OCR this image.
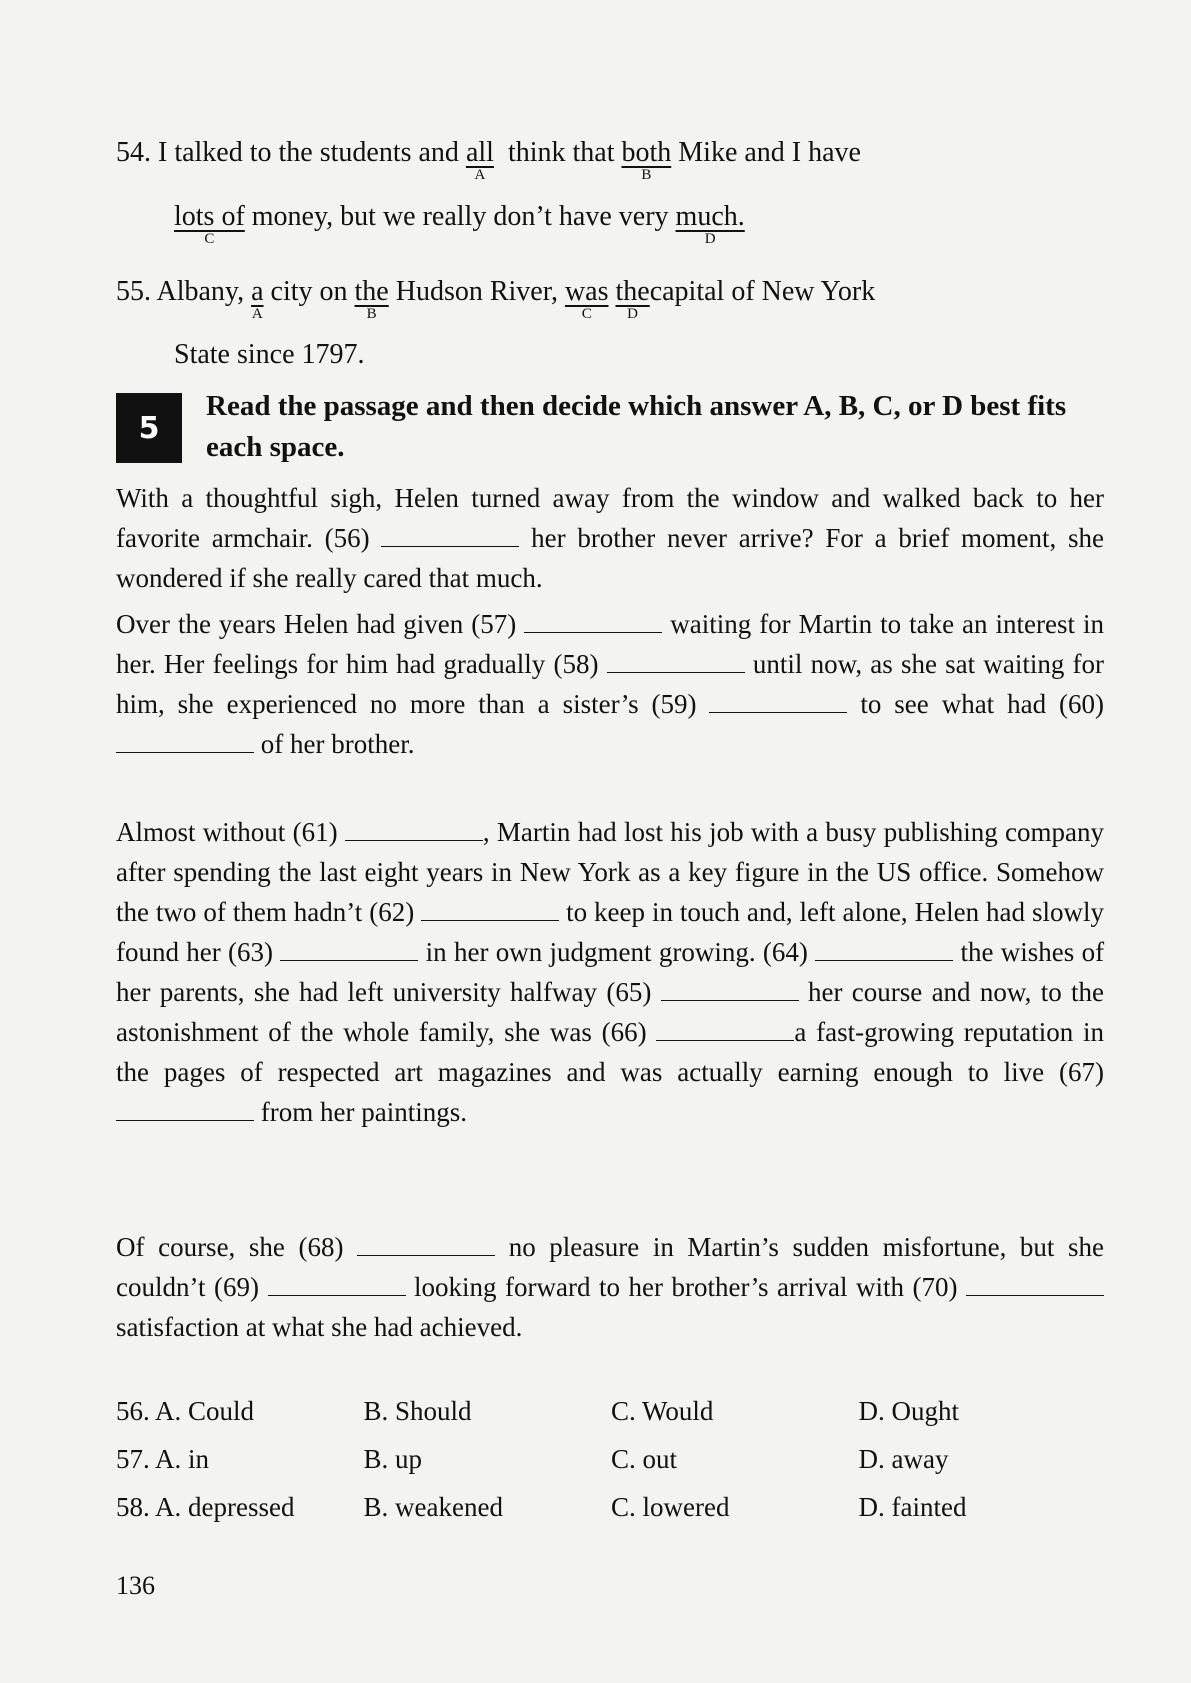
54. I talked to the students and all
A
think that both
B
Mike and I have
lots of
C
money, but we really don’t have very much.
D
55. Albany, a
A
city on the
B
Hudson River, was
C
the
D
capital of New York
State since 1797.
5
Read the passage and then decide which answer A, B, C, or D best fits each space.
With a thoughtful sigh, Helen turned away from the window and walked back to her favorite armchair. (56)	her brother never arrive? For a brief moment, she wondered if she really cared that much.
Over the years Helen had given (57)	waiting for Martin to take an interest in her. Her feelings for him had gradually (58)	until now, as she sat waiting for him, she experienced no more than a sister’s (59)	to see what had (60)  of her brother.
Almost without (61)	, Martin had lost his job with a busy publishing company after spending the last eight years in New York as a key figure in the US office. Somehow the two of them hadn’t (62)	to keep in touch and, left alone, Helen had slowly found her (63)	in her own judgment growing. (64)	the wishes of her parents, she had left university halfway (65)	her course and now, to the astonishment of the whole family, she was (66)	a fast-growing reputation in the pages of respected art magazines and was actually earning enough to live (67)  from her paintings.
Of course, she (68)	no pleasure in Martin’s sudden misfortune, but she couldn’t (69)	looking forward to her brother’s arrival with (70)  satisfaction at what she had achieved.
56. A. Could	B. Should	C. Would	D. Ought
57. A. in	B. up	C. out	D. away
58. A. depressed	B. weakened	C. lowered	D. fainted
136
